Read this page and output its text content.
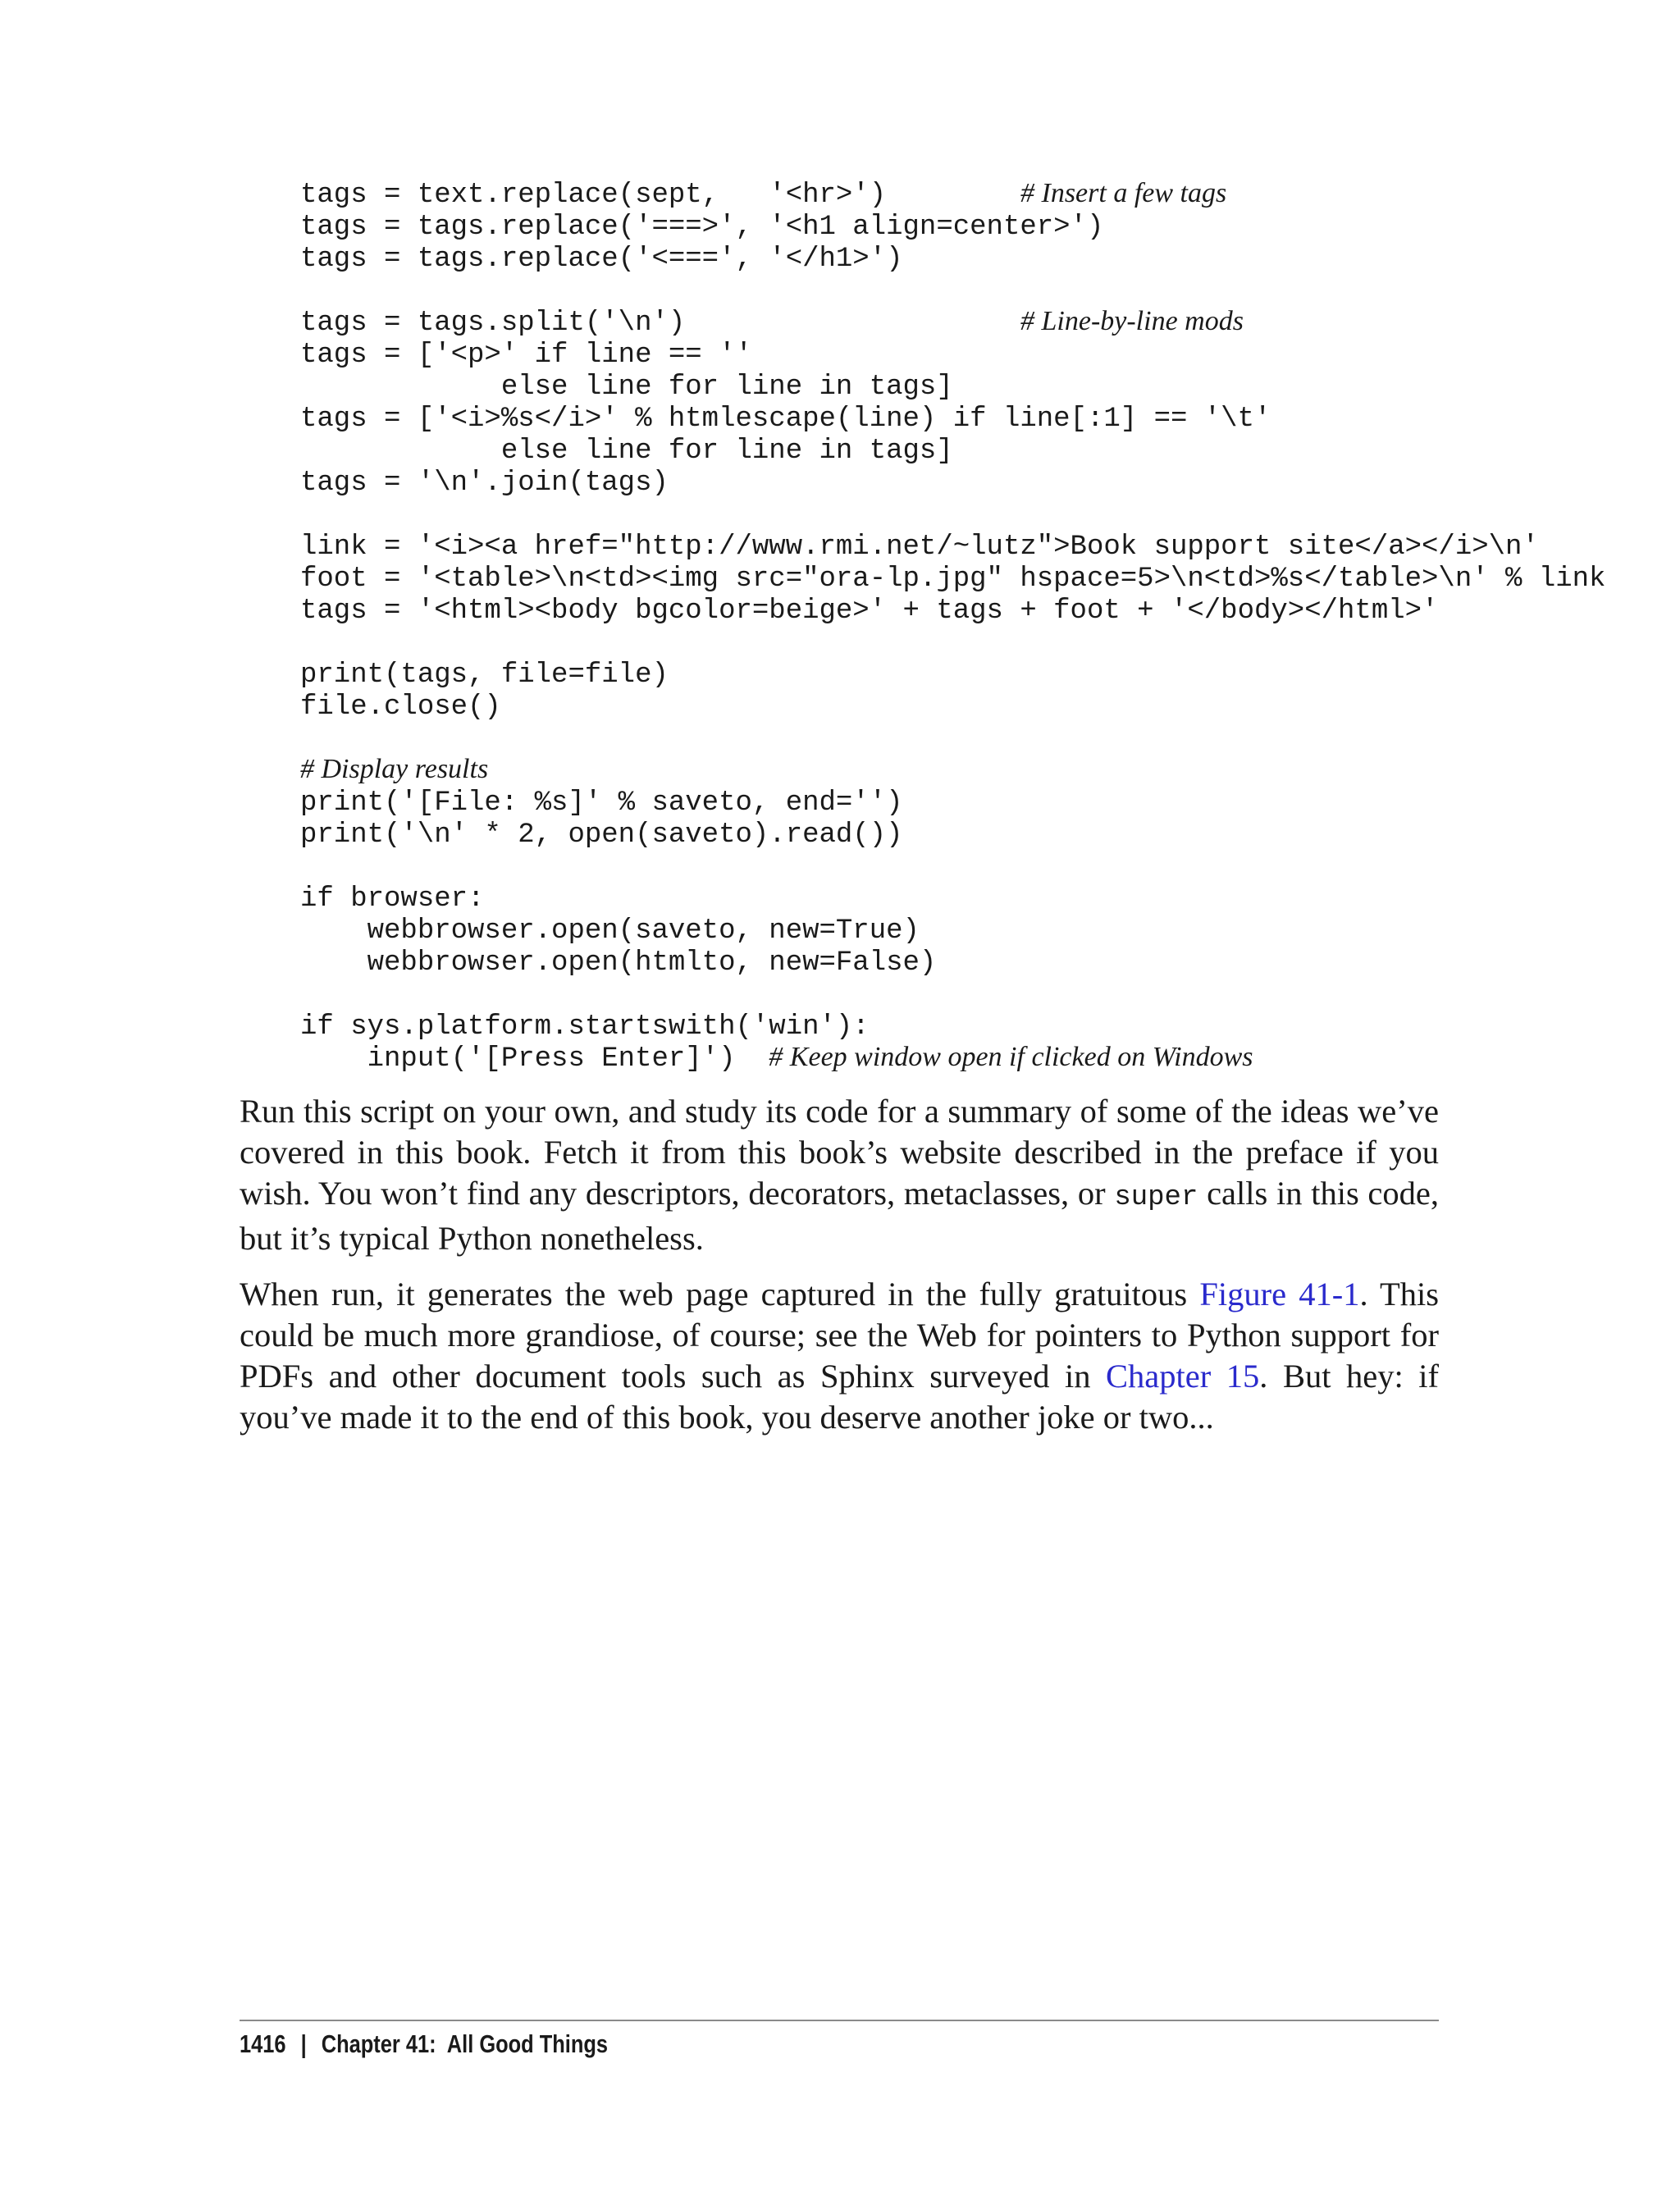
tags = text.replace(sept,   '<hr>')	# Insert a few tags
tags = tags.replace('===>', '<h1 align=center>')
tags = tags.replace('<===', '</h1>')
tags = tags.split('\n')	# Line-by-line mods
tags = ['<p>' if line == ''
else line for line in tags]
tags = ['<i>%s</i>' % htmlescape(line) if line[:1] == '\t'
else line for line in tags]
tags = '\n'.join(tags)
link = '<i><a href="http://www.rmi.net/~lutz">Book support site</a></i>\n'
foot = '<table>\n<td><img src="ora-lp.jpg" hspace=5>\n<td>%s</table>\n' % link
tags = '<html><body bgcolor=beige>' + tags + foot + '</body></html>'
print(tags, file=file)
file.close()
# Display results
print('[File: %s]' % saveto, end='')
print('\n' * 2, open(saveto).read())
if browser:
webbrowser.open(saveto, new=True)
webbrowser.open(htmlto, new=False)
if sys.platform.startswith('win'):
input('[Press Enter]')  # Keep window open if clicked on Windows

Run this script on your own, and study its code for a summary of some of the ideas we’ve covered in this book. Fetch it from this book’s website described in the preface if you wish. You won’t find any descriptors, decorators, metaclasses, or super calls in this code, but it’s typical Python nonetheless.

When run, it generates the web page captured in the fully gratuitous Figure 41-1. This could be much more grandiose, of course; see the Web for pointers to Python support for PDFs and other document tools such as Sphinx surveyed in Chapter 15. But hey: if you’ve made it to the end of this book, you deserve another joke or two...

1416 | Chapter 41:  All Good Things
